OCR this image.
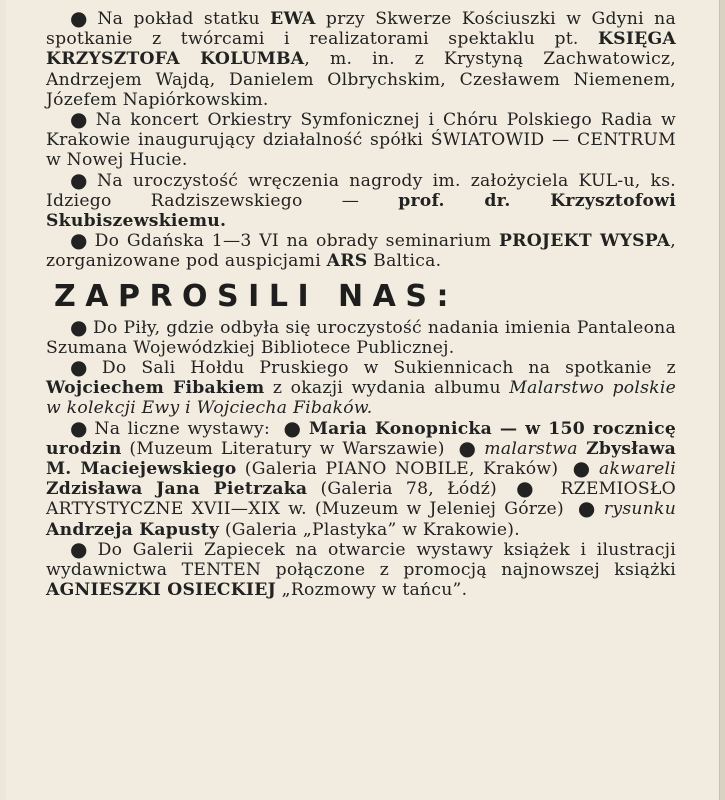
● Na pokład statku EWA przy Skwerze Kościuszki w Gdyni na spotkanie z twórcami i realizatorami spektaklu pt. KSIĘGA KRZYSZTOFA KOLUMBA, m. in. z Krystyną Zachwatowicz, Andrzejem Wajdą, Danielem Olbrychskim, Czesławem Niemenem, Józefem Napiórkowskim.

● Na koncert Orkiestry Symfonicznej i Chóru Polskiego Radia w Krakowie inaugurujący działalność spółki ŚWIATOWID — CENTRUM w Nowej Hucie.

● Na uroczystość wręczenia nagrody im. założyciela KUL-u, ks. Idziego Radziszewskiego — prof. dr. Krzysztofowi Skubiszewskiemu.

● Do Gdańska 1—3 VI na obrady seminarium PROJEKT WYSPA, zorganizowane pod auspicjami ARS Baltica.

ZAPROSILI NAS:

● Do Piły, gdzie odbyła się uroczystość nadania imienia Pantaleona Szumana Wojewódzkiej Bibliotece Publicznej.

● Do Sali Hołdu Pruskiego w Sukiennicach na spotkanie z Wojciechem Fibakiem z okazji wydania albumu Malarstwo polskie w kolekcji Ewy i Wojciecha Fibaków.

● Na liczne wystawy: ● Maria Konopnicka — w 150 rocznicę urodzin (Muzeum Literatury w Warszawie) ● malarstwa Zbysława M. Maciejewskiego (Galeria PIANO NOBILE, Kraków) ● akwareli Zdzisława Jana Pietrzaka (Galeria 78, Łódź) ● RZEMIOSŁO ARTYSTYCZNE XVII—XIX w. (Muzeum w Jeleniej Górze) ● rysunku Andrzeja Kapusty (Galeria „Plastyka” w Krakowie).

● Do Galerii Zapiecek na otwarcie wystawy książek i ilustracji wydawnictwa TENTEN połączone z promocją najnowszej książki AGNIESZKI OSIECKIEJ „Rozmowy w tańcu”.
